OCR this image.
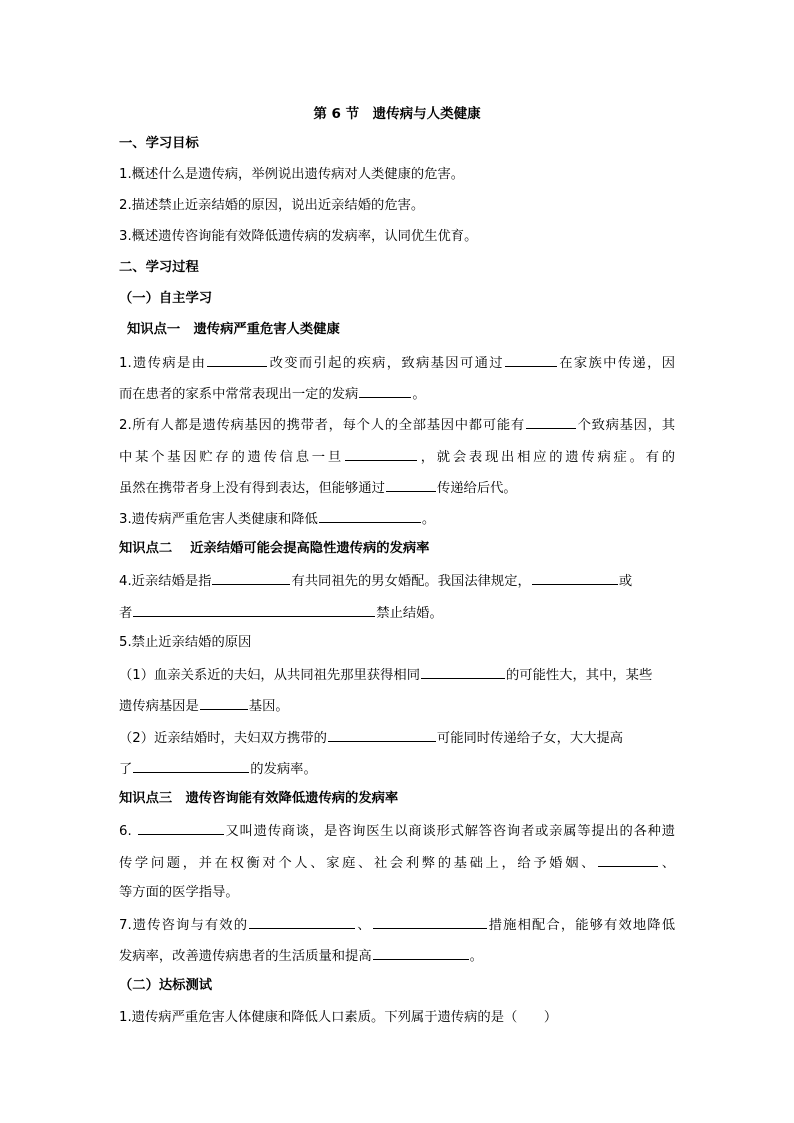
第 6 节　遗传病与人类健康
一、学习目标
1.概述什么是遗传病，举例说出遗传病对人类健康的危害。
2.描述禁止近亲结婚的原因，说出近亲结婚的危害。
3.概述遗传咨询能有效降低遗传病的发病率，认同优生优育。
二、学习过程
（一）自主学习
知识点一　遗传病严重危害人类健康
1.遗传病是由	改变而引起的疾病，致病基因可通过	在家族中传递，因
而在患者的家系中常常表现出一定的发病	。
2.所有人都是遗传病基因的携带者，每个人的全部基因中都可能有	个致病基因，其
中某个基因贮存的遗传信息一旦	，就会表现出相应的遗传病症。有的
虽然在携带者身上没有得到表达，但能够通过	传递给后代。
3.遗传病严重危害人类健康和降低	。
知识点二　 近亲结婚可能会提高隐性遗传病的发病率
4.近亲结婚是指	有共同祖先的男女婚配。我国法律规定，	或
者	禁止结婚。
5.禁止近亲结婚的原因
（1）血亲关系近的夫妇，从共同祖先那里获得相同	的可能性大，其中，某些
遗传病基因是	基因。
（2）近亲结婚时，夫妇双方携带的	可能同时传递给子女，大大提高
了	的发病率。
知识点三　遗传咨询能有效降低遗传病的发病率
6.	又叫遗传商谈，是咨询医生以商谈形式解答咨询者或亲属等提出的各种遗
传学问题，并在权衡对个人、家庭、社会利弊的基础上，给予婚姻、	、
等方面的医学指导。
7.遗传咨询与有效的	、	措施相配合，能够有效地降低
发病率，改善遗传病患者的生活质量和提高	。
（二）达标测试
1.遗传病严重危害人体健康和降低人口素质。下列属于遗传病的是（　　）
